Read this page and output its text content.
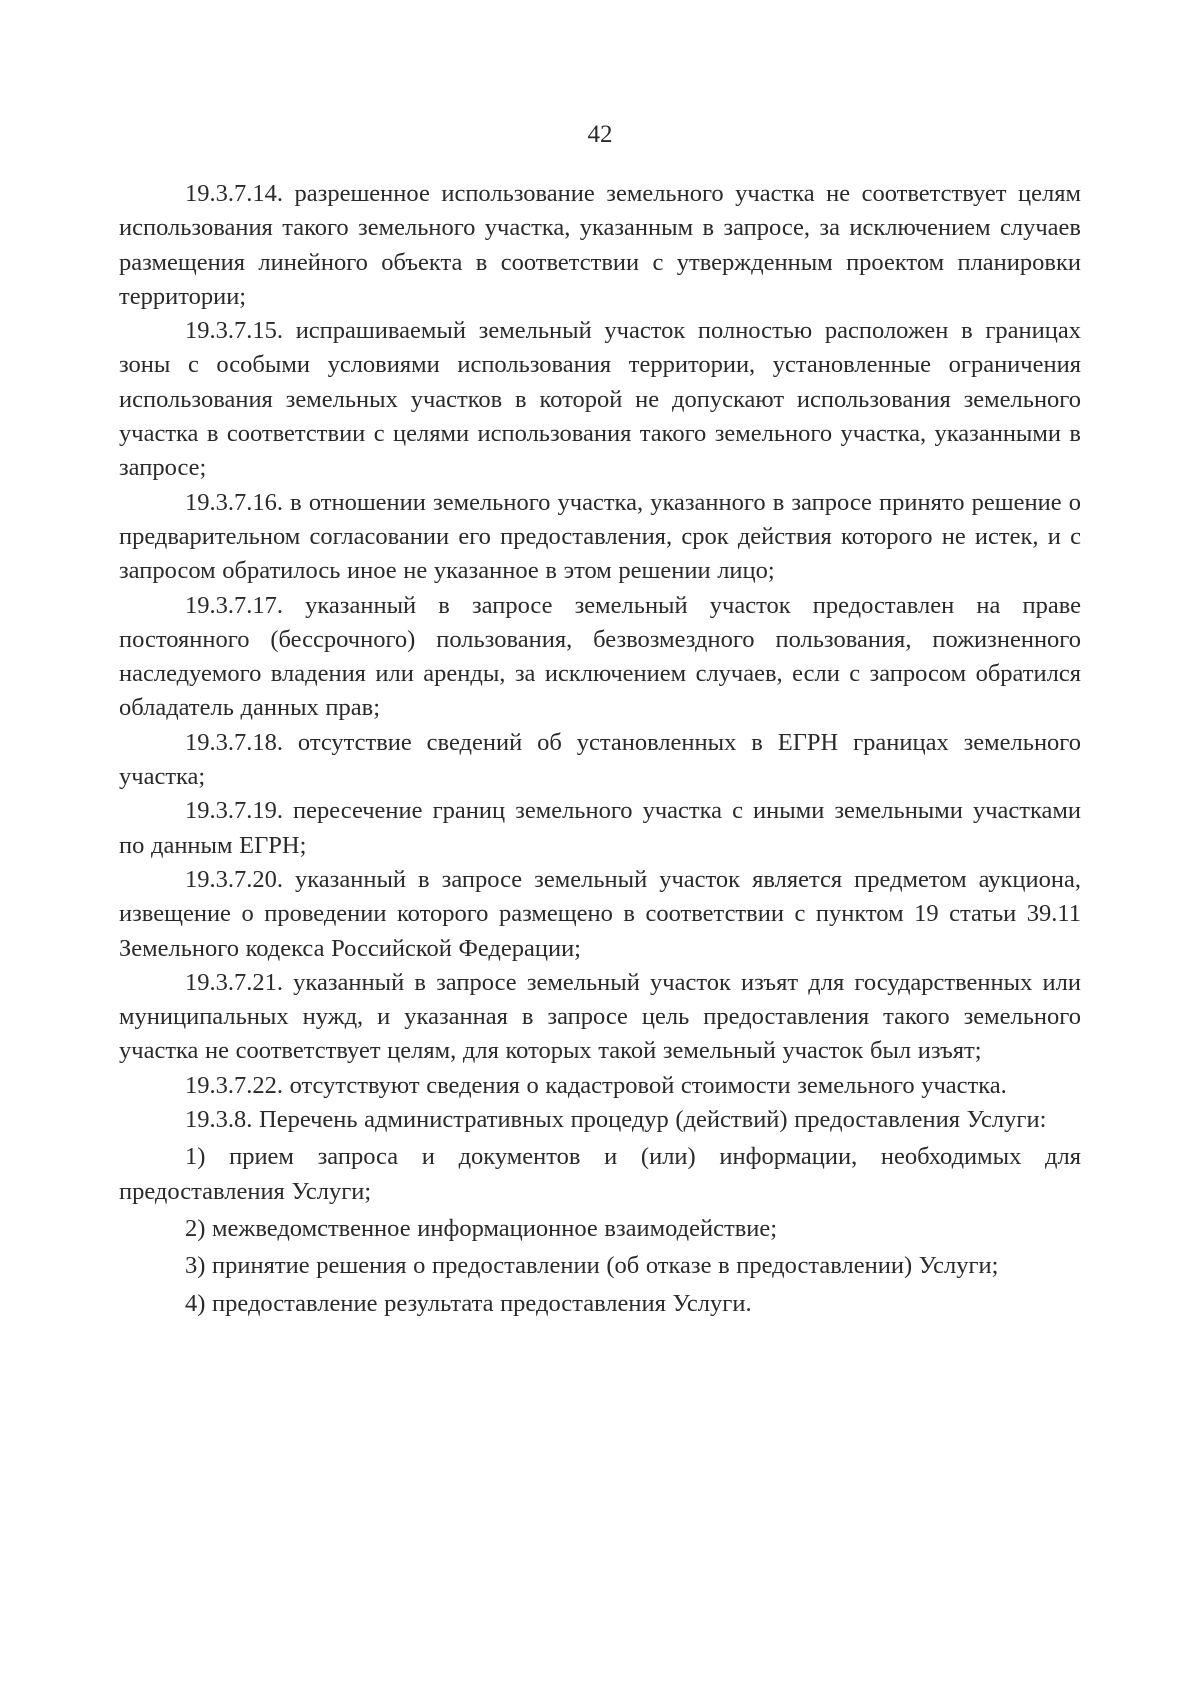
42

19.3.7.14. разрешенное использование земельного участка не соответствует целям использования такого земельного участка, указанным в запросе, за исключением случаев размещения линейного объекта в соответствии с утвержденным проектом планировки территории;

19.3.7.15. испрашиваемый земельный участок полностью расположен в границах зоны с особыми условиями использования территории, установленные ограничения использования земельных участков в которой не допускают использования земельного участка в соответствии с целями использования такого земельного участка, указанными в запросе;

19.3.7.16. в отношении земельного участка, указанного в запросе принято решение о предварительном согласовании его предоставления, срок действия которого не истек, и с запросом обратилось иное не указанное в этом решении лицо;

19.3.7.17. указанный в запросе земельный участок предоставлен на праве постоянного (бессрочного) пользования, безвозмездного пользования, пожизненного наследуемого владения или аренды, за исключением случаев, если с запросом обратился обладатель данных прав;

19.3.7.18. отсутствие сведений об установленных в ЕГРН границах земельного участка;

19.3.7.19. пересечение границ земельного участка с иными земельными участками по данным ЕГРН;

19.3.7.20. указанный в запросе земельный участок является предметом аукциона, извещение о проведении которого размещено в соответствии с пунктом 19 статьи 39.11 Земельного кодекса Российской Федерации;

19.3.7.21. указанный в запросе земельный участок изъят для государственных или муниципальных нужд, и указанная в запросе цель предоставления такого земельного участка не соответствует целям, для которых такой земельный участок был изъят;

19.3.7.22. отсутствуют сведения о кадастровой стоимости земельного участка.

19.3.8. Перечень административных процедур (действий) предоставления Услуги:

1) прием запроса и документов и (или) информации, необходимых для предоставления Услуги;

2) межведомственное информационное взаимодействие;

3) принятие решения о предоставлении (об отказе в предоставлении) Услуги;

4) предоставление результата предоставления Услуги.
